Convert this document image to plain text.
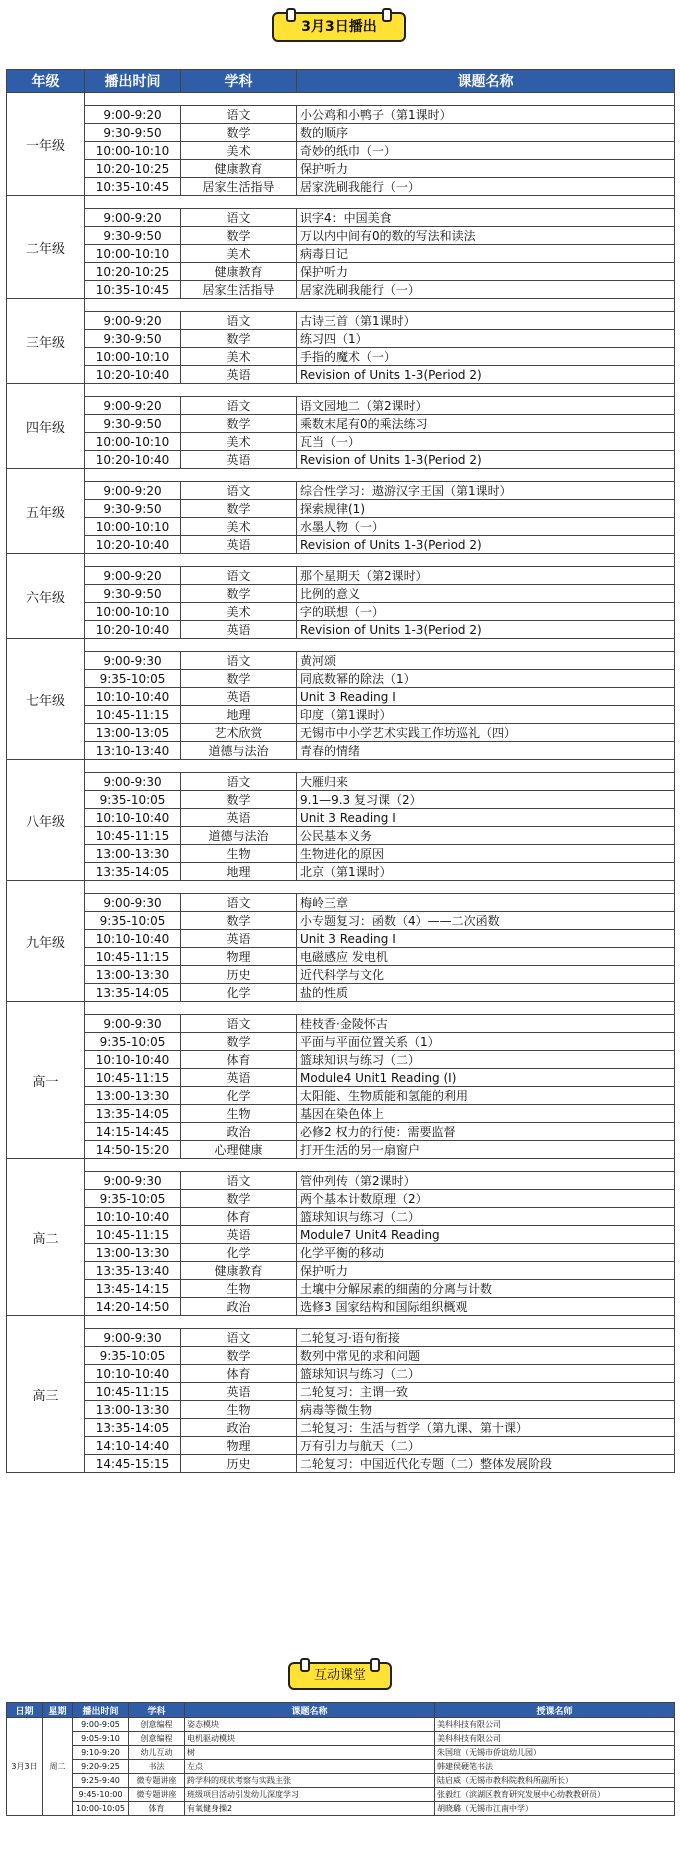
3月3日播出
年级	播出时间	学科	课题名称
一年级			
	9:00-9:20	语文	小公鸡和小鸭子（第1课时）
	9:30-9:50	数学	数的顺序
	10:00-10:10	美术	奇妙的纸巾（一）
	10:20-10:25	健康教育	保护听力
	10:35-10:45	居家生活指导	居家洗刷我能行（一）
二年级			
	9:00-9:20	语文	识字4：中国美食
	9:30-9:50	数学	万以内中间有0的数的写法和读法
	10:00-10:10	美术	病毒日记
	10:20-10:25	健康教育	保护听力
	10:35-10:45	居家生活指导	居家洗刷我能行（一）
三年级			
	9:00-9:20	语文	古诗三首（第1课时）
	9:30-9:50	数学	练习四（1）
	10:00-10:10	美术	手指的魔术（一）
	10:20-10:40	英语	Revision of Units 1-3(Period 2)
四年级			
	9:00-9:20	语文	语文园地二（第2课时）
	9:30-9:50	数学	乘数末尾有0的乘法练习
	10:00-10:10	美术	瓦当（一）
	10:20-10:40	英语	Revision of Units 1-3(Period 2)
五年级			
	9:00-9:20	语文	综合性学习：遨游汉字王国（第1课时）
	9:30-9:50	数学	探索规律(1)
	10:00-10:10	美术	水墨人物（一）
	10:20-10:40	英语	Revision of Units 1-3(Period 2)
六年级			
	9:00-9:20	语文	那个星期天（第2课时）
	9:30-9:50	数学	比例的意义
	10:00-10:10	美术	字的联想（一）
	10:20-10:40	英语	Revision of Units 1-3(Period 2)
七年级			
	9:00-9:30	语文	黄河颂
	9:35-10:05	数学	同底数幂的除法（1）
	10:10-10:40	英语	Unit 3 Reading I
	10:45-11:15	地理	印度（第1课时）
	13:00-13:05	艺术欣赏	无锡市中小学艺术实践工作坊巡礼（四）
	13:10-13:40	道德与法治	青春的情绪
八年级			
	9:00-9:30	语文	大雁归来
	9:35-10:05	数学	9.1—9.3 复习课（2）
	10:10-10:40	英语	Unit 3 Reading I
	10:45-11:15	道德与法治	公民基本义务
	13:00-13:30	生物	生物进化的原因
	13:35-14:05	地理	北京（第1课时）
九年级			
	9:00-9:30	语文	梅岭三章
	9:35-10:05	数学	小专题复习：函数（4）——二次函数
	10:10-10:40	英语	Unit 3 Reading I
	10:45-11:15	物理	电磁感应 发电机
	13:00-13:30	历史	近代科学与文化
	13:35-14:05	化学	盐的性质
高一			
	9:00-9:30	语文	桂枝香·金陵怀古
	9:35-10:05	数学	平面与平面位置关系（1）
	10:10-10:40	体育	篮球知识与练习（二）
	10:45-11:15	英语	Module4 Unit1 Reading (I)
	13:00-13:30	化学	太阳能、生物质能和氢能的利用
	13:35-14:05	生物	基因在染色体上
	14:15-14:45	政治	必修2 权力的行使：需要监督
	14:50-15:20	心理健康	打开生活的另一扇窗户
高二			
	9:00-9:30	语文	管仲列传（第2课时）
	9:35-10:05	数学	两个基本计数原理（2）
	10:10-10:40	体育	篮球知识与练习（二）
	10:45-11:15	英语	Module7 Unit4 Reading
	13:00-13:30	化学	化学平衡的移动
	13:35-13:40	健康教育	保护听力
	13:45-14:15	生物	土壤中分解尿素的细菌的分离与计数
	14:20-14:50	政治	选修3 国家结构和国际组织概观
高三			
	9:00-9:30	语文	二轮复习·语句衔接
	9:35-10:05	数学	数列中常见的求和问题
	10:10-10:40	体育	篮球知识与练习（二）
	10:45-11:15	英语	二轮复习：主谓一致
	13:00-13:30	生物	病毒等微生物
	13:35-14:05	政治	二轮复习：生活与哲学（第九课、第十课）
	14:10-14:40	物理	万有引力与航天（二）
	14:45-15:15	历史	二轮复习：中国近代化专题（二）整体发展阶段
互动课堂
日期	星期	播出时间	学科	课题名称	授课名师
3月3日	周二	9:00-9:05	创意编程	姿态模块	美科科技有限公司
		9:05-9:10	创意编程	电机驱动模块	美科科技有限公司
		9:10-9:20	幼儿互动	树	朱国瑄（无锡市侨谊幼儿园）
		9:20-9:25	书法	左点	韩建侯硬笔书法
		9:25-9:40	微专题讲座	跨学科的现状考察与实践主张	陆启威（无锡市教科院教科所副所长）
		9:45-10:00	微专题讲座	班级项目活动引发幼儿深度学习	张毅红（滨湖区教育研究发展中心幼教教研员）
		10:00-10:05	体育	有氧健身操2	胡晓璐（无锡市江南中学）
